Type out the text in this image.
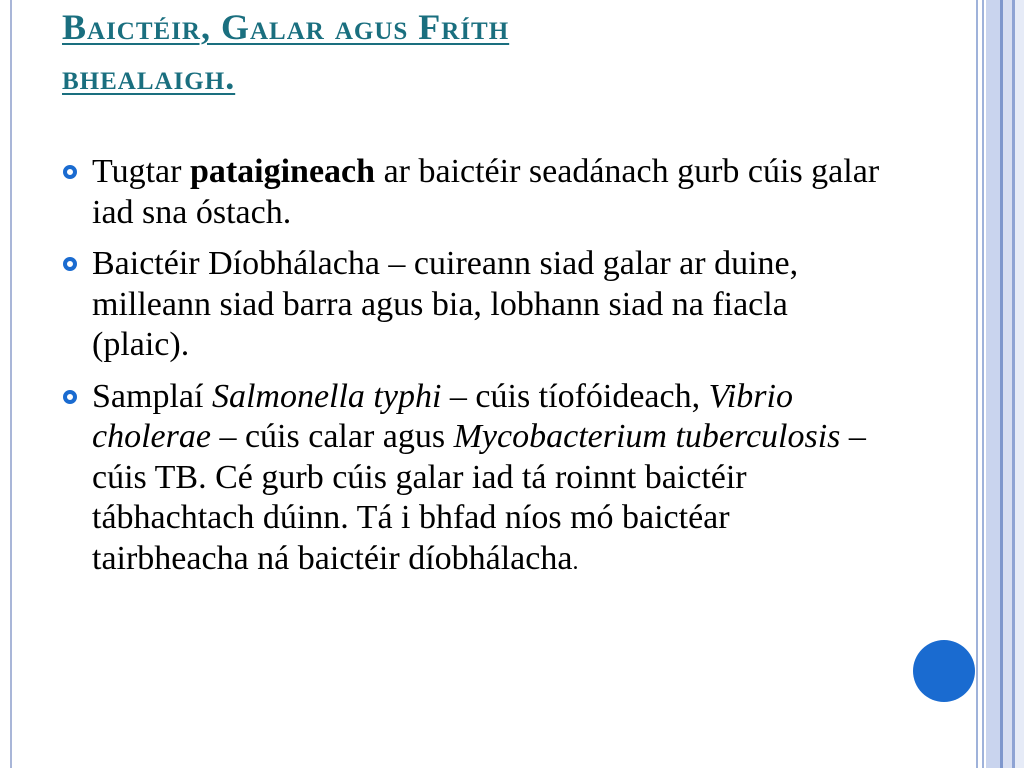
Baictéir, Galar agus Fríth
bhealaigh.
Tugtar pataigineach ar baictéir seadánach gurb cúis galar iad sna óstach.
Baictéir Díobhálacha – cuireann siad galar ar duine, milleann siad barra agus bia, lobhann siad na fiacla (plaic).
Samplaí Salmonella typhi – cúis tíofóideach, Vibrio cholerae – cúis calar agus Mycobacterium tuberculosis – cúis TB. Cé gurb cúis galar iad tá roinnt baictéir tábhachtach dúinn. Tá i bhfad níos mó baictéar tairbheacha ná baictéir díobhálacha.
